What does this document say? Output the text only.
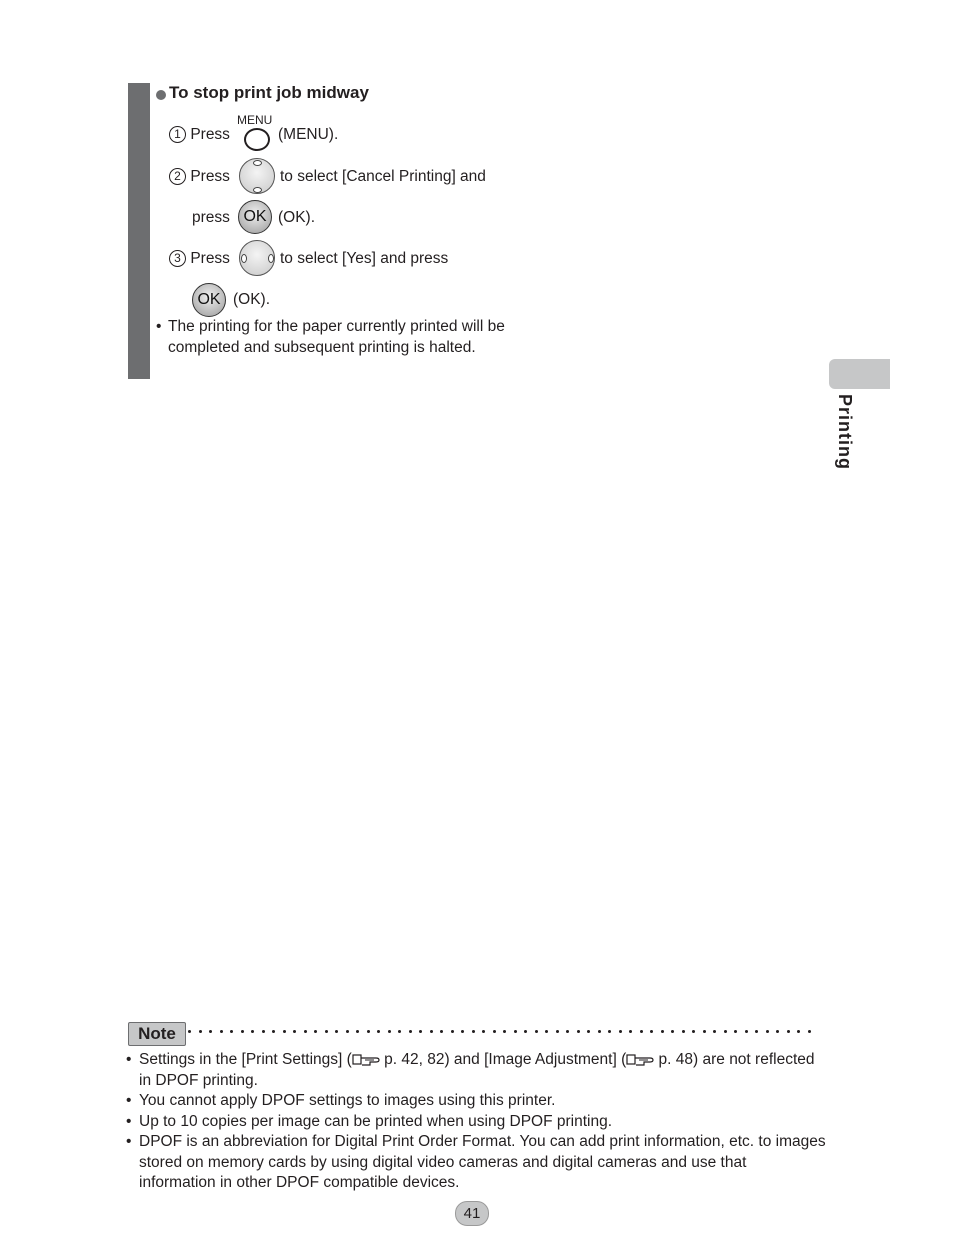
To stop print job midway
1 Press
MENU
(MENU).
2 Press	to select [Cancel Printing] and
press OK (OK).
3 Press	to select [Yes] and press
OK (OK).
• The printing for the paper currently printed will be completed and subsequent printing is halted.
Printing
Note
• Settings in the [Print Settings] ( p. 42, 82) and [Image Adjustment] ( p. 48) are not reflected in DPOF printing.
• You cannot apply DPOF settings to images using this printer.
• Up to 10 copies per image can be printed when using DPOF printing.
• DPOF is an abbreviation for Digital Print Order Format. You can add print information, etc. to images stored on memory cards by using digital video cameras and digital cameras and use that information in other DPOF compatible devices.
41
